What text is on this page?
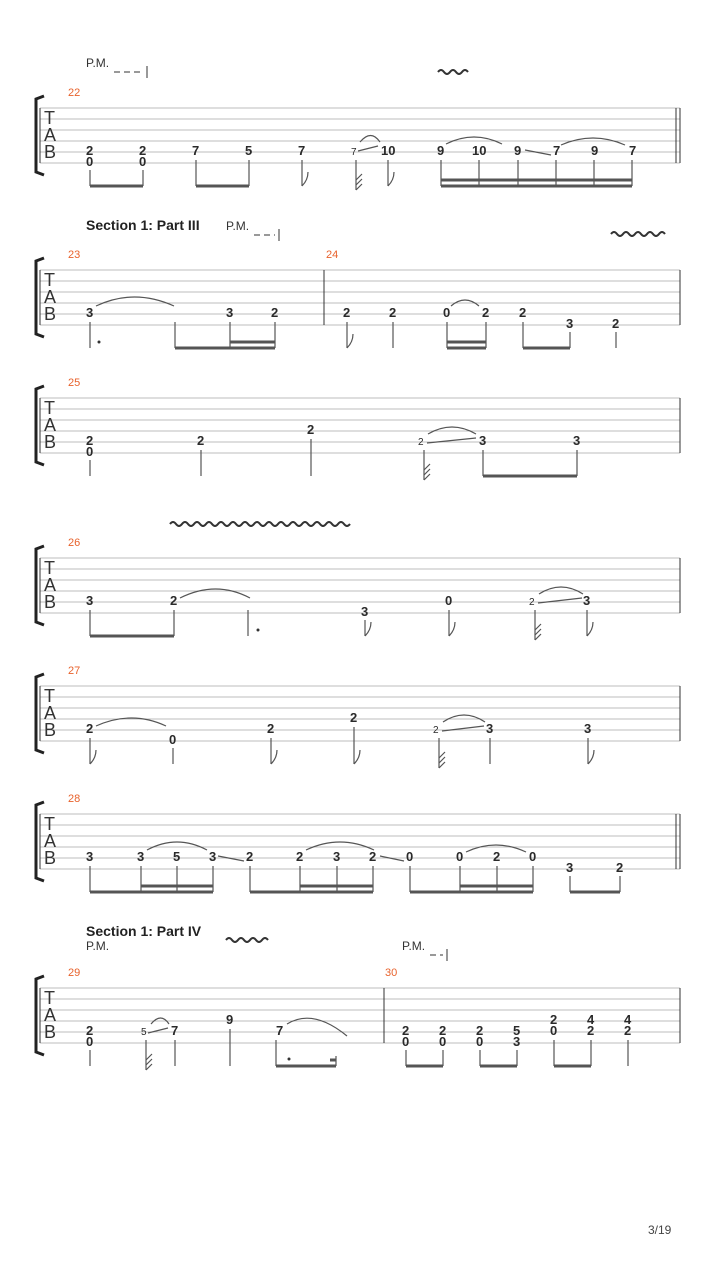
P.M.
T
A
B
22
2
0
2
0
7	5	7	7 10	9 10 9 7 9 7
Section 1: Part III P.M.
T
A
B
23	24
3	3	2	2	2	0 2 2
3	2
T
A
B
25
2
0
2
2
2	3	3
T
A
B
26
3	2
3
0	2	3
T
A
B
27
2
0
2
2
2	3	3
T
A
B
28
3	3 5 3 2	2 3 2 0	0 2 0
3	2
Section 1: Part IV
P.M.	P.M.
T
A
B
29	30
2
0
5 7
9
7	2
0
2
0
2
0
5
3
2
0
4
2
4
2
3/19
